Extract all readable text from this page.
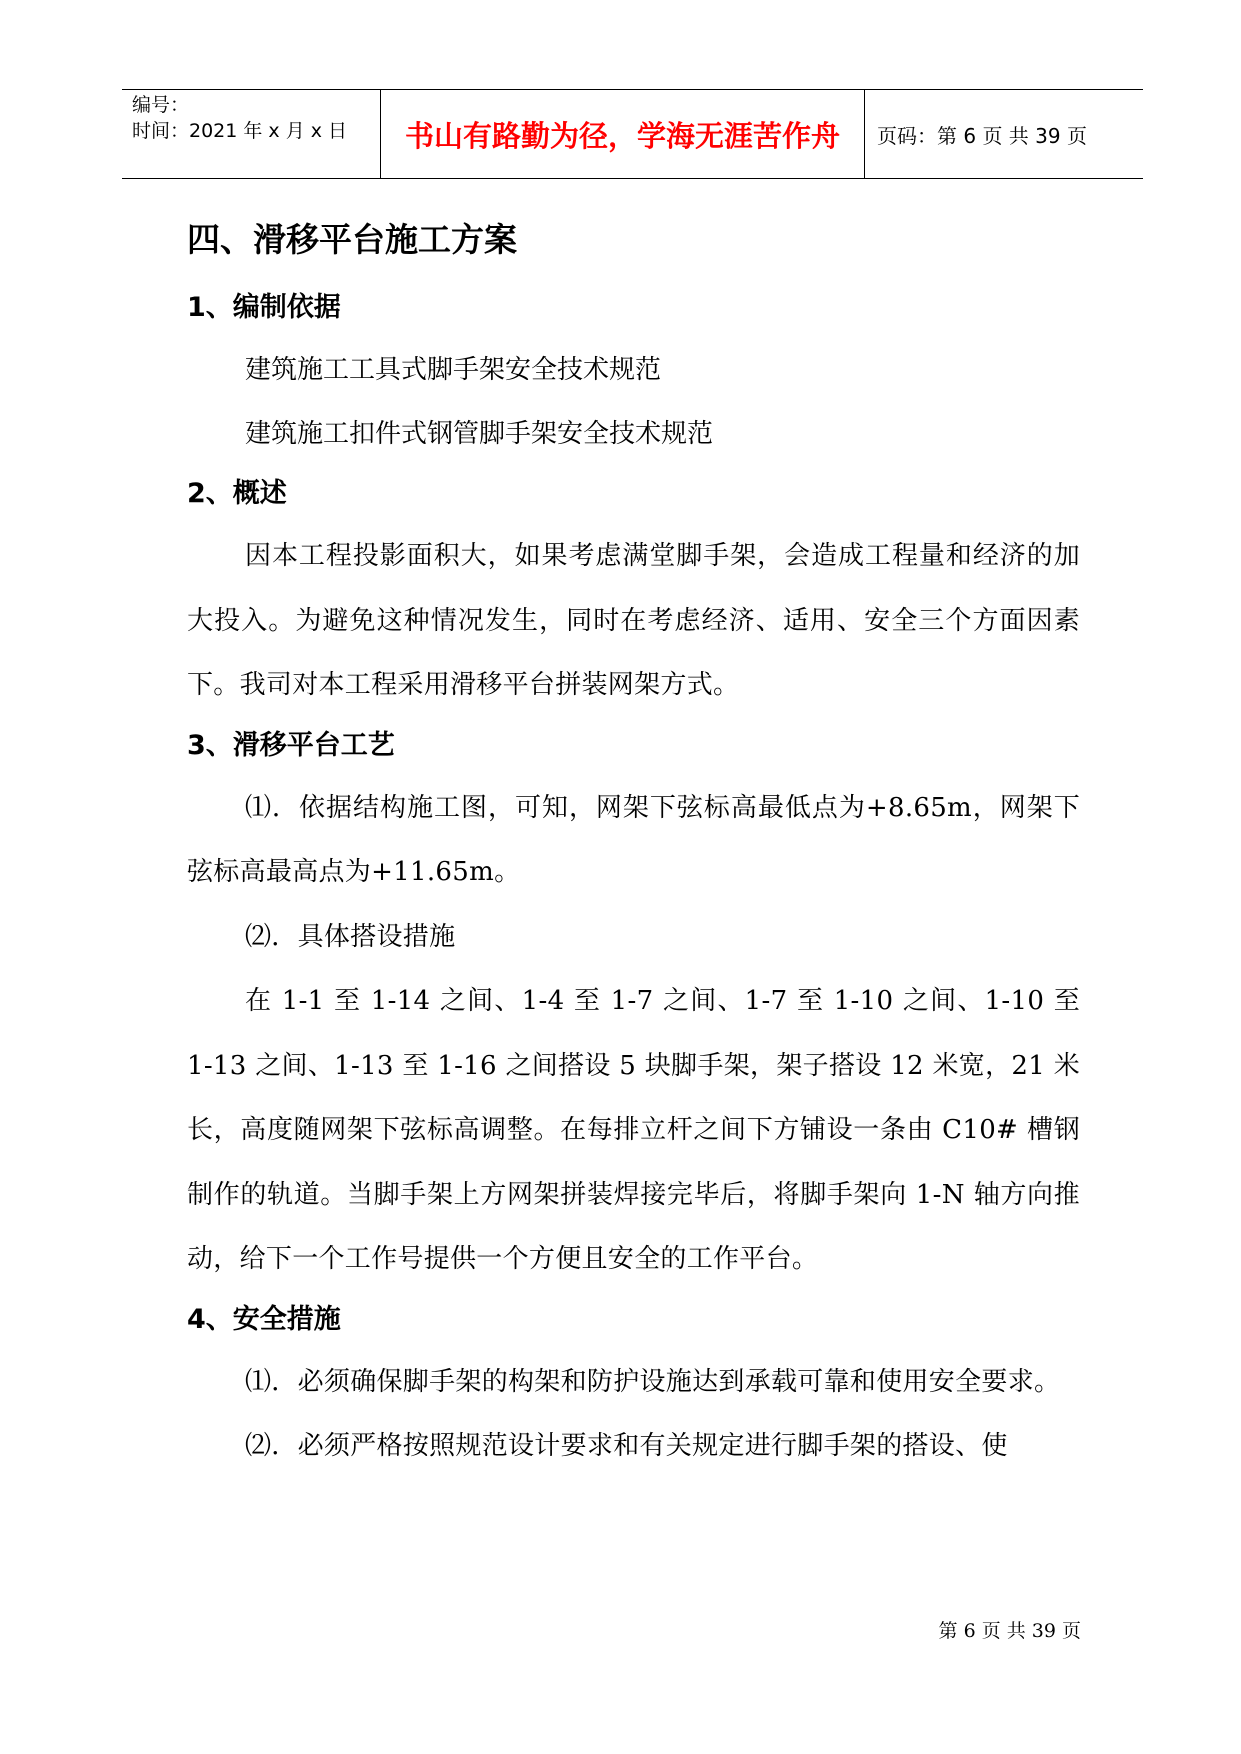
编号：
时间：2021 年 x 月 x 日 书山有路勤为径，学海无涯苦作舟	页码：第 6 页 共 39 页
四、滑移平台施工方案
1、编制依据
建筑施工工具式脚手架安全技术规范
建筑施工扣件式钢管脚手架安全技术规范
2、概述

因本工程投影面积大，如果考虑满堂脚手架，会造成工程量和经济的加大投入。为避免这种情况发生，同时在考虑经济、适用、安全三个方面因素下。我司对本工程采用滑移平台拼装网架方式。

3、滑移平台工艺

⑴．依据结构施工图，可知，网架下弦标高最低点为+8.65m，网架下弦标高最高点为+11.65m。

⑵．具体搭设措施

在 1-1 至 1-14 之间、1-4 至 1-7 之间、1-7 至 1-10 之间、1-10 至 1-13 之间、1-13 至 1-16 之间搭设 5 块脚手架，架子搭设 12 米宽，21 米长，高度随网架下弦标高调整。在每排立杆之间下方铺设一条由 C10# 槽钢制作的轨道。当脚手架上方网架拼装焊接完毕后，将脚手架向 1-N 轴方向推动，给下一个工作号提供一个方便且安全的工作平台。

4、安全措施

⑴．必须确保脚手架的构架和防护设施达到承载可靠和使用安全要求。

⑵．必须严格按照规范设计要求和有关规定进行脚手架的搭设、使

第 6 页 共 39 页
